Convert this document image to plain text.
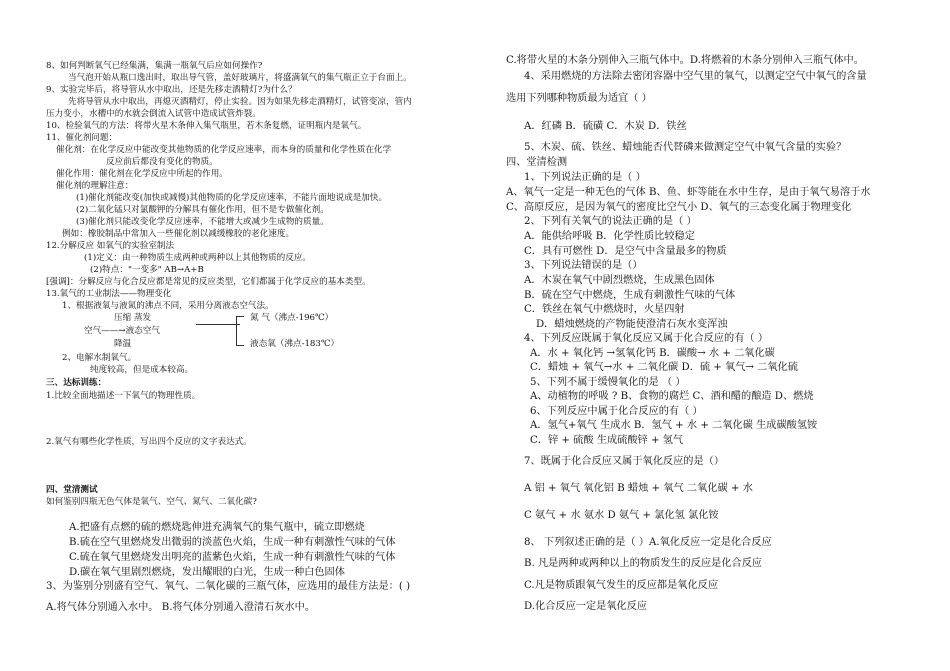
8、如何判断氧气已经集满，集满一瓶氧气后应如何操作?
当气泡开始从瓶口逸出时，取出导气管，盖好玻璃片，将盛满氧气的集气瓶正立于台面上。
9、实验完毕后，将导管从水中取出，还是先移走酒精灯?为什么？
先将导管从水中取出，再熄灭酒精灯，停止实验。因为如果先移走酒精灯，试管变凉，管内
压力变小，水槽中的水就会倒流入试管中造成试管炸裂。
10、检验氧气的方法：将带火星木条伸入集气瓶里，若木条复燃，证明瓶内是氧气。
11、催化剂问题：
催化剂：在化学反应中能改变其他物质的化学反应速率，而本身的质量和化学性质在化学
反应前后都没有变化的物质。
催化作用：催化剂在化学反应中所起的作用。
催化剂的理解注意：
(1)催化剂能改变(加快或减慢)其他物质的化学反应速率，不能片面地说成是加快。
(2)二氧化锰只对氯酸钾的分解具有催化作用，但不是专做催化剂。
(3)催化剂只能改变化学反应速率，不能增大或减少生成物的质量。
例如：橡胶制品中常加入一些催化剂以减缓橡胶的老化速度。
12.分解反应 如氧气的实验室制法
(1)定义：由一种物质生成两种或两种以上其他物质的反应。
(2)特点："一变多" AB→A+B
[强调]：分解反应与化合反应都是常见的反应类型，它们都属于化学反应的基本类型。
13.氧气的工业制法——物理变化
1、根据液氧与液氮的沸点不同，采用分离液态空气法。
压缩 蒸发	氮 气（沸点-196℃）
空气——→液态空气
降温	液态氧（沸点-183℃）
2、电解水制氧气。
纯度较高，但是成本较高。
三、达标训练：
1.比较全面地描述一下氧气的物理性质。
2.氧气有哪些化学性质，写出四个反应的文字表达式。
四、堂清测试
如何鉴别四瓶无色气体是氧气、空气、氮气、二氧化碳?
A.把盛有点燃的硫的燃烧匙伸进充满氧气的集气瓶中，硫立即燃烧
B.硫在空气里燃烧发出微弱的淡蓝色火焰，生成一种有刺激性气味的气体
C.硫在氧气里燃烧发出明亮的蓝紫色火焰，生成一种有刺激性气味的气体
D.碳在氧气里剧烈燃烧，发出耀眼的白光，生成一种白色固体
3、为鉴别分别盛有空气、氧气、二氧化碳的三瓶气体，应选用的最佳方法是：( )
A.将气体分别通入水中。 B.将气体分别通入澄清石灰水中。
C.将带火星的木条分别伸入三瓶气体中。D.将燃着的木条分别伸入三瓶气体中。
4、采用燃烧的方法除去密闭容器中空气里的氧气，以测定空气中氧气的含量
选用下列哪种物质最为适宜（ ）
A．红磷 B．硫磺 C．木炭 D．铁丝
5、木炭、硫、铁丝、蜡烛能否代替磷来做测定空气中氧气含量的实验？
四、堂清检测
1、下列说法正确的是（ ）
A、氧气一定是一种无色的气体 B、鱼、虾等能在水中生存，是由于氧气易溶于水
C、高原反应，是因为氧气的密度比空气小 D、氧气的三态变化属于物理变化
2、下列有关氧气的说法正确的是（ ）
A．能供给呼吸 B．化学性质比较稳定
C．具有可燃性 D．是空气中含量最多的物质
3、下列说法错误的是（）
A．木炭在氧气中剧烈燃烧，生成黑色固体
B．硫在空气中燃烧，生成有刺激性气味的气体
C．铁丝在氧气中燃烧时，火星四射
D．蜡烛燃烧的产物能使澄清石灰水变浑浊
4、下列反应既属于氧化反应又属于化合反应的有（ ）
A．水 + 氧化钙 →氢氧化钙 B．碳酸→ 水 + 二氧化碳
C．蜡烛 + 氧气→水 + 二氧化碳 D．硫 + 氧气→ 二氧化硫
5、下列不属于缓慢氧化的是 （ ）
A、动植物的呼吸 ? B、食物的腐烂 C、酒和醋的酿造 D、燃烧
6、下列反应中属于化合反应的有（ ）
A．氢气+氧气 生成水 B．氢气 + 水 + 二氧化碳 生成碳酸氢铵
C．锌 + 硫酸 生成硫酸锌 + 氢气
7、既属于化合反应又属于氧化反应的是（）
A 铝 + 氧气 氧化铝 B 蜡烛 + 氧气 二氧化碳 + 水
C 氨气 + 水 氨水 D 氨气 + 氯化氢 氯化铵
8、 下列叙述正确的是（ ）A.氧化反应一定是化合反应
B. 凡是两种或两种以上的物质发生的反应是化合反应
C.凡是物质跟氧气发生的反应都是氧化反应
D.化合反应一定是氧化反应
